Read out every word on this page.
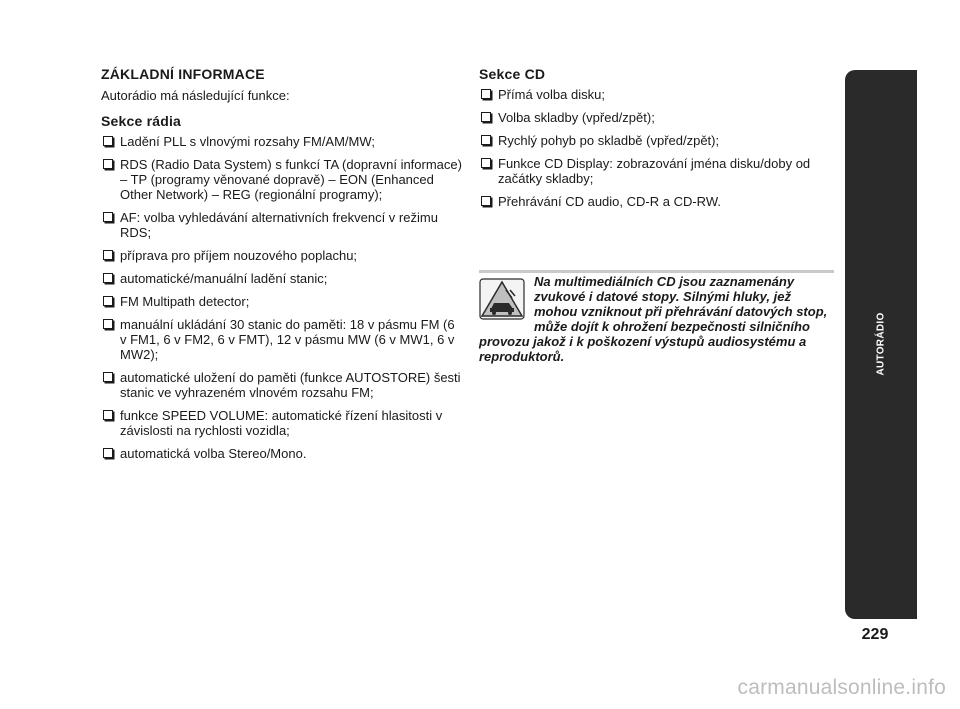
ZÁKLADNÍ INFORMACE

Autorádio má následující funkce:

Sekce rádia
Ladění PLL s vlnovými rozsahy FM/AM/MW;
RDS (Radio Data System) s funkcí TA (dopravní informace) – TP (programy věnované dopravě) – EON (Enhanced Other Network) – REG (regionální programy);
AF: volba vyhledávání alternativních frekvencí v režimu RDS;
příprava pro příjem nouzového poplachu;
automatické/manuální ladění stanic;
FM Multipath detector;
manuální ukládání 30 stanic do paměti: 18 v pásmu FM (6 v FM1, 6 v FM2, 6 v FMT), 12 v pásmu MW (6 v MW1, 6 v MW2);
automatické uložení do paměti (funkce AUTOSTORE) šesti stanic ve vyhrazeném vlnovém rozsahu FM;
funkce SPEED VOLUME: automatické řízení hlasitosti v závislosti na rychlosti vozidla;
automatická volba Stereo/Mono.
Sekce CD
Přímá volba disku;
Volba skladby (vpřed/zpět);
Rychlý pohyb po skladbě (vpřed/zpět);
Funkce CD Display: zobrazování jména disku/doby od začátky skladby;
Přehrávání CD audio, CD-R a CD-RW.
Na multimediálních CD jsou zaznamenány zvukové i datové stopy. Silnými hluky, jež mohou vzniknout při přehrávání datových stop, může dojít k ohrožení bezpečnosti silničního provozu jakož i k poškození výstupů audiosystému a reproduktorů.	AUTORÁDIO
229
carmanualsonline.info
